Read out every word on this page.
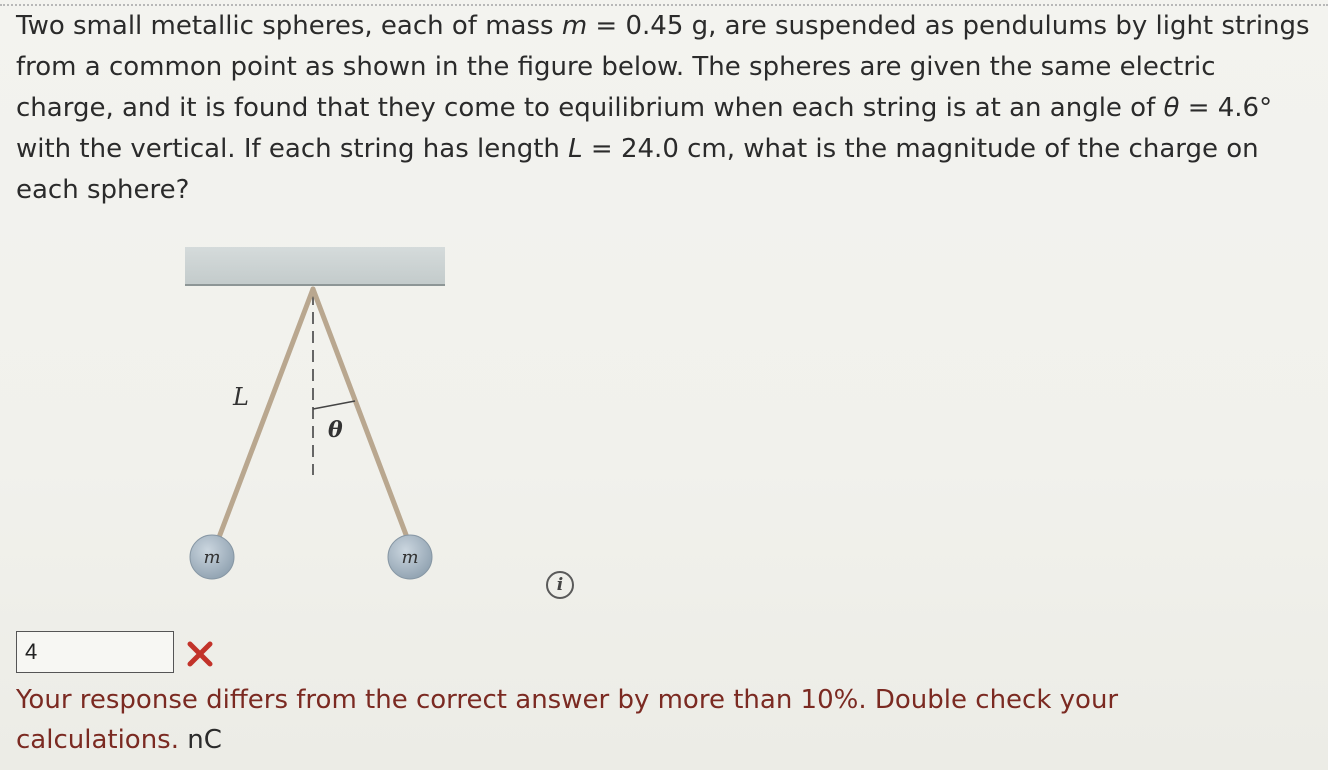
Two small metallic spheres, each of mass m = 0.45 g, are suspended as pendulums by light strings from a common point as shown in the figure below. The spheres are given the same electric charge, and it is found that they come to equilibrium when each string is at an angle of θ = 4.6° with the vertical. If each string has length L = 24.0 cm, what is the magnitude of the charge on each sphere?
L
θ
m	m
i
4
Your response differs from the correct answer by more than 10%. Double check your calculations. nC
